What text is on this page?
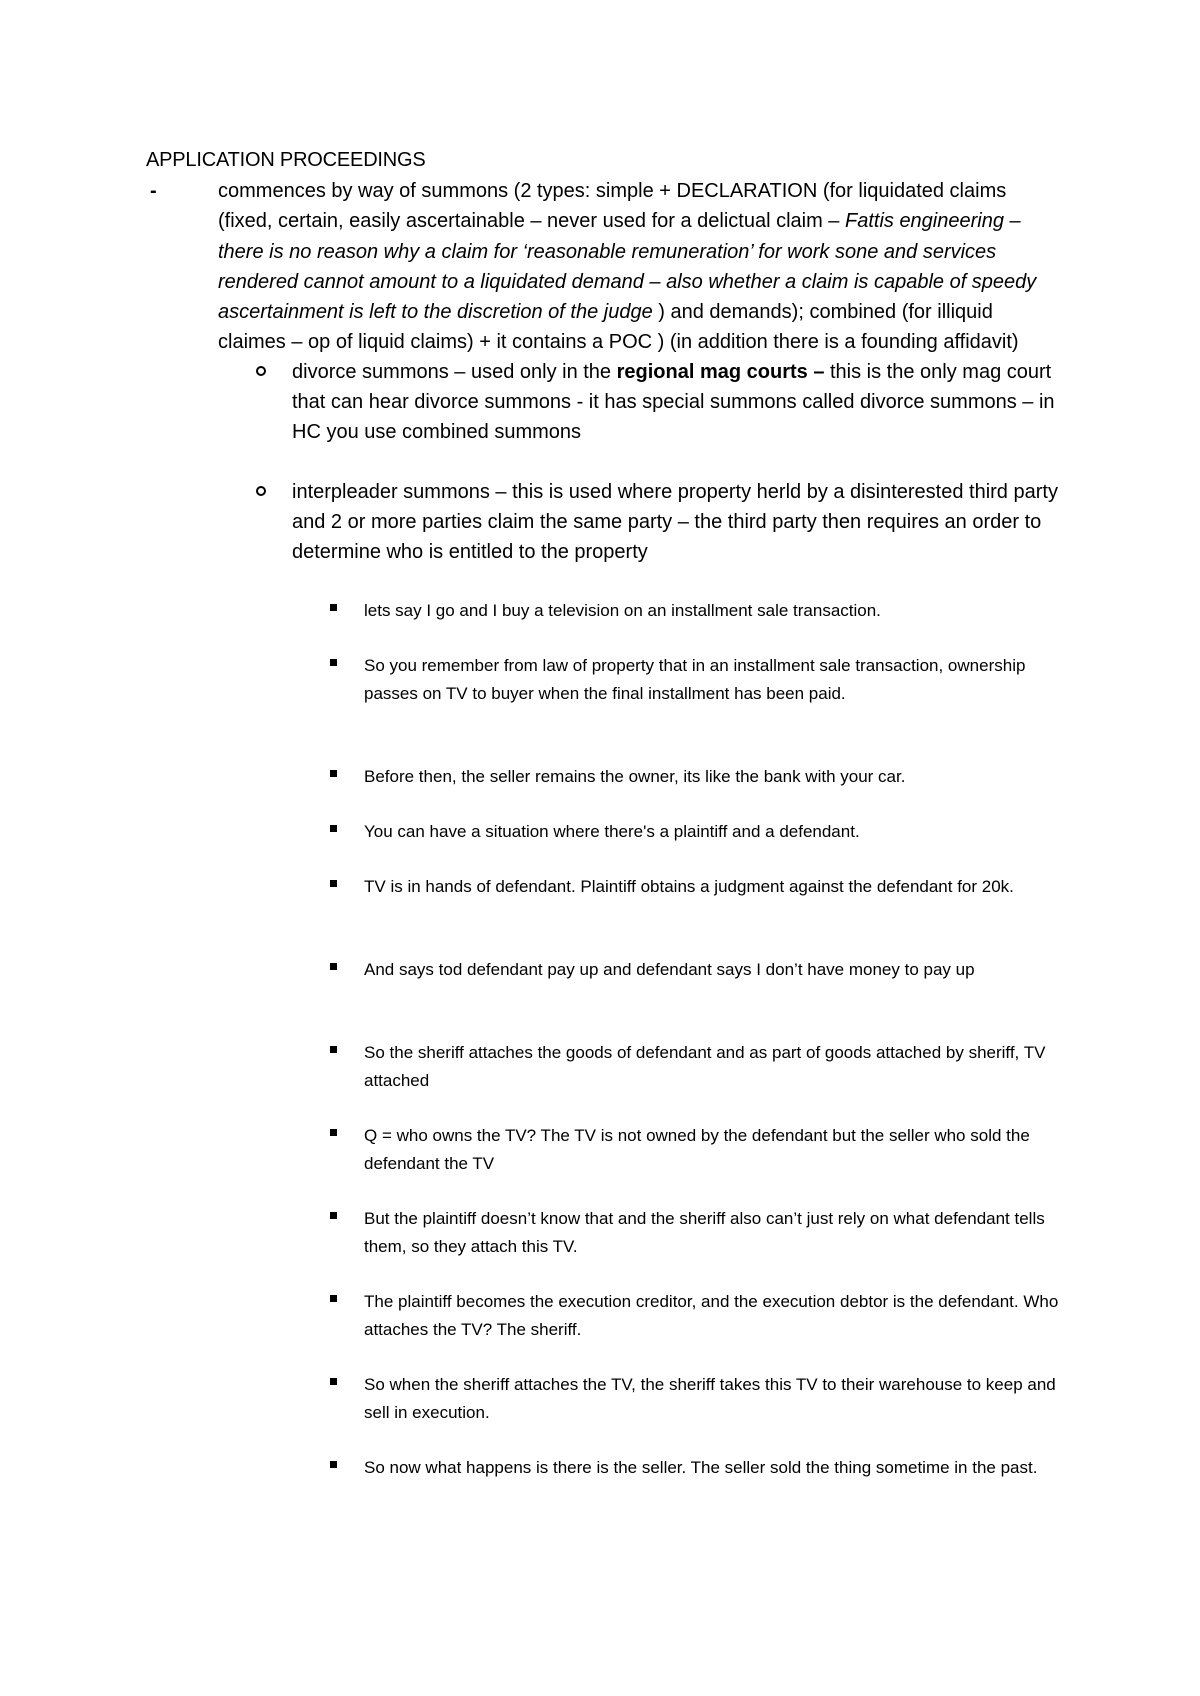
APPLICATION PROCEEDINGS
-	commences by way of summons (2 types: simple + DECLARATION (for liquidated claims (fixed, certain, easily ascertainable – never used for a delictual claim – Fattis engineering – there is no reason why a claim for ‘reasonable remuneration’ for work sone and services rendered cannot amount to a liquidated demand – also whether a claim is capable of speedy ascertainment is left to the discretion of the judge ) and demands); combined (for illiquid claimes – op of liquid claims) + it contains a POC ) (in addition there is a founding affidavit)
divorce summons – used only in the regional mag courts – this is the only mag court that can hear divorce summons - it has special summons called divorce summons – in HC you use combined summons
interpleader summons – this is used where property herld by a disinterested third party and 2 or more parties claim the same party – the third party then requires an order to determine who is entitled to the property
lets say I go and I buy a television on an installment sale transaction.
So you remember from law of property that in an installment sale transaction, ownership passes on TV to buyer when the final installment has been paid.
Before then, the seller remains the owner, its like the bank with your car.
You can have a situation where there's a plaintiff and a defendant.
TV is in hands of defendant. Plaintiff obtains a judgment against the defendant for 20k.
And says tod defendant pay up and defendant says I don’t have money to pay up
So the sheriff attaches the goods of defendant and as part of goods attached by sheriff, TV attached
Q = who owns the TV? The TV is not owned by the defendant but the seller who sold the defendant the TV
But the plaintiff doesn’t know that and the sheriff also can’t just rely on what defendant tells them, so they attach this TV.
The plaintiff becomes the execution creditor, and the execution debtor is the defendant. Who attaches the TV? The sheriff.
So when the sheriff attaches the TV, the sheriff takes this TV to their warehouse to keep and sell in execution.
So now what happens is there is the seller. The seller sold the thing sometime in the past.
